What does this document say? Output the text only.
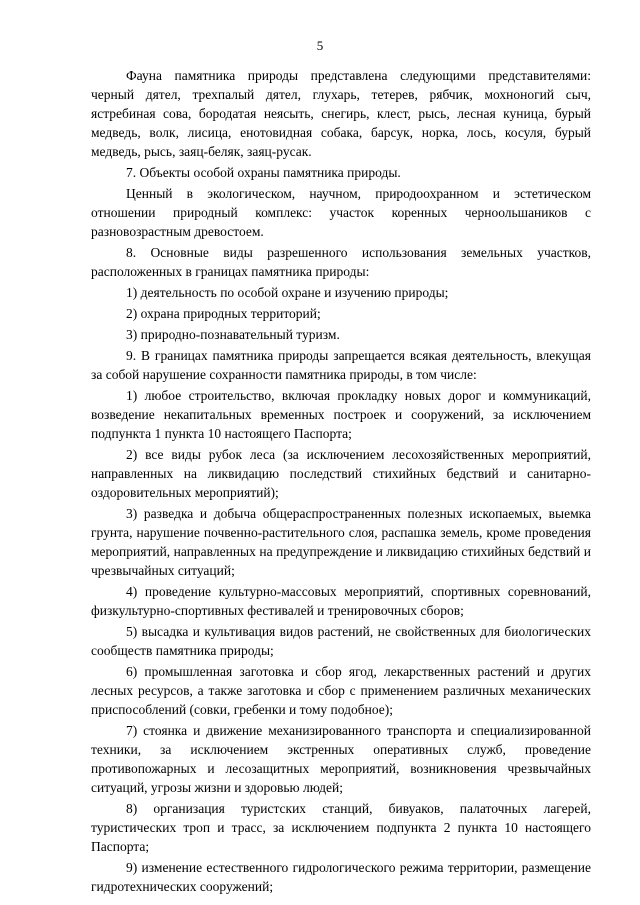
5

Фауна памятника природы представлена следующими представителями: черный дятел, трехпалый дятел, глухарь, тетерев, рябчик, мохноногий сыч, ястребиная сова, бородатая неясыть, снегирь, клест, рысь, лесная куница, бурый медведь, волк, лисица, енотовидная собака, барсук, норка, лось, косуля, бурый медведь, рысь, заяц-беляк, заяц-русак.

7. Объекты особой охраны памятника природы.

Ценный в экологическом, научном, природоохранном и эстетическом отношении природный комплекс: участок коренных черноольшаников с разновозрастным древостоем.

8. Основные виды разрешенного использования земельных участков, расположенных в границах памятника природы:

1) деятельность по особой охране и изучению природы;

2) охрана природных территорий;

3) природно-познавательный туризм.

9. В границах памятника природы запрещается всякая деятельность, влекущая за собой нарушение сохранности памятника природы, в том числе:

1) любое строительство, включая прокладку новых дорог и коммуникаций, возведение некапитальных временных построек и сооружений, за исключением подпункта 1 пункта 10 настоящего Паспорта;

2) все виды рубок леса (за исключением лесохозяйственных мероприятий, направленных на ликвидацию последствий стихийных бедствий и санитарно-оздоровительных мероприятий);

3) разведка и добыча общераспространенных полезных ископаемых, выемка грунта, нарушение почвенно-растительного слоя, распашка земель, кроме проведения мероприятий, направленных на предупреждение и ликвидацию стихийных бедствий и чрезвычайных ситуаций;

4) проведение культурно-массовых мероприятий, спортивных соревнований, физкультурно-спортивных фестивалей и тренировочных сборов;

5) высадка и культивация видов растений, не свойственных для биологических сообществ памятника природы;

6) промышленная заготовка и сбор ягод, лекарственных растений и других лесных ресурсов, а также заготовка и сбор с применением различных механических приспособлений (совки, гребенки и тому подобное);

7) стоянка и движение механизированного транспорта и специализированной техники, за исключением экстренных оперативных служб, проведение противопожарных и лесозащитных мероприятий, возникновения чрезвычайных ситуаций, угрозы жизни и здоровью людей;

8) организация туристских станций, бивуаков, палаточных лагерей, туристических троп и трасс, за исключением подпункта 2 пункта 10 настоящего Паспорта;

9) изменение естественного гидрологического режима территории, размещение гидротехнических сооружений;
